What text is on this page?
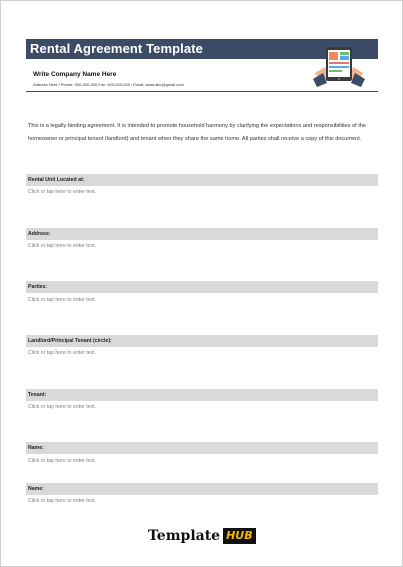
Rental Agreement Template
Write Company Name Here
Address Here / Phone: 000-000-000 Fax: 000-000-000 / Email: www.abc@gmail.com
This is a legally binding agreement. It is intended to promote household harmony by clarifying the expectations and responsibilities of the homeowner or principal tenant (landlord) and tenant when they share the same home. All parties shall receive a copy of this document.
Rental Unit Located at:
Click or tap here to enter text.
Address:
Click or tap here to enter text.
Parties:
Click or tap here to enter text.
Landlord/Principal Tenant (circle):
Click or tap here to enter text.
Tenant:
Click or tap here to enter text.
Name:
Click or tap here to enter text.
Name:
Click or tap here to enter text.
Template HUB
